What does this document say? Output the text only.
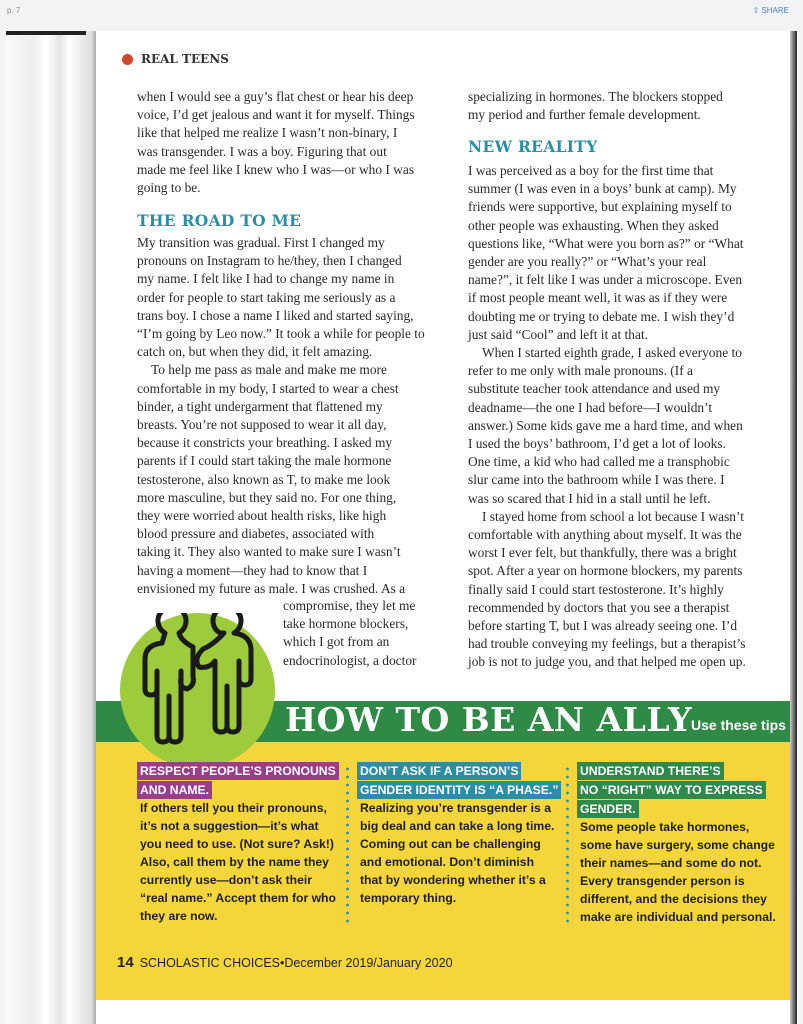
p. 7	⇧ SHARE
REAL TEENS
when I would see a guy’s flat chest or hear his deep
voice, I’d get jealous and want it for myself. Things
like that helped me realize I wasn’t non-binary, I
was transgender. I was a boy. Figuring that out
made me feel like I knew who I was—or who I was
going to be.
My transition was gradual. First I changed my
pronouns on Instagram to he/they, then I changed
my name. I felt like I had to change my name in
order for people to start taking me seriously as a
trans boy. I chose a name I liked and started saying,
“I’m going by Leo now.” It took a while for people to
catch on, but when they did, it felt amazing.
To help me pass as male and make me more
comfortable in my body, I started to wear a chest
binder, a tight undergarment that flattened my
breasts. You’re not supposed to wear it all day,
because it constricts your breathing. I asked my
parents if I could start taking the male hormone
testosterone, also known as T, to make me look
more masculine, but they said no. For one thing,
they were worried about health risks, like high
blood pressure and diabetes, associated with
taking it. They also wanted to make sure I wasn’t
having a moment—they had to know that I
envisioned my future as male. I was crushed. As a
compromise, they let me
take hormone blockers,
which I got from an
endocrinologist, a doctor
specializing in hormones. The blockers stopped
my period and further female development.
I was perceived as a boy for the first time that
summer (I was even in a boys’ bunk at camp). My
friends were supportive, but explaining myself to
other people was exhausting. When they asked
questions like, “What were you born as?” or “What
gender are you really?” or “What’s your real
name?”, it felt like I was under a microscope. Even
if most people meant well, it was as if they were
doubting me or trying to debate me. I wish they’d
just said “Cool” and left it at that.
When I started eighth grade, I asked everyone to
refer to me only with male pronouns. (If a
substitute teacher took attendance and used my
deadname—the one I had before—I wouldn’t
answer.) Some kids gave me a hard time, and when
I used the boys’ bathroom, I’d get a lot of looks.
One time, a kid who had called me a transphobic
slur came into the bathroom while I was there. I
was so scared that I hid in a stall until he left.
I stayed home from school a lot because I wasn’t
comfortable with anything about myself. It was the
worst I ever felt, but thankfully, there was a bright
spot. After a year on hormone blockers, my parents
finally said I could start testosterone. It’s highly
recommended by doctors that you see a therapist
before starting T, but I was already seeing one. I’d
had trouble conveying my feelings, but a therapist’s
job is not to judge you, and that helped me open up.
THE ROAD TO ME
NEW REALITY
HOW TO BE AN ALLY
Use these tips
RESPECT PEOPLE’S PRONOUNS
AND NAME.
If others tell you their pronouns,
it’s not a suggestion—it’s what
you need to use. (Not sure? Ask!)
Also, call them by the name they
currently use—don’t ask their
“real name.” Accept them for who
they are now.
DON’T ASK IF A PERSON’S
GENDER IDENTITY IS “A PHASE.”
Realizing you’re transgender is a
big deal and can take a long time.
Coming out can be challenging
and emotional. Don’t diminish
that by wondering whether it’s a
temporary thing.
UNDERSTAND THERE’S
NO “RIGHT” WAY TO EXPRESS
GENDER.
Some people take hormones,
some have surgery, some change
their names—and some do not.
Every transgender person is
different, and the decisions they
make are individual and personal.
14 SCHOLASTIC CHOICES•December 2019/January 2020
